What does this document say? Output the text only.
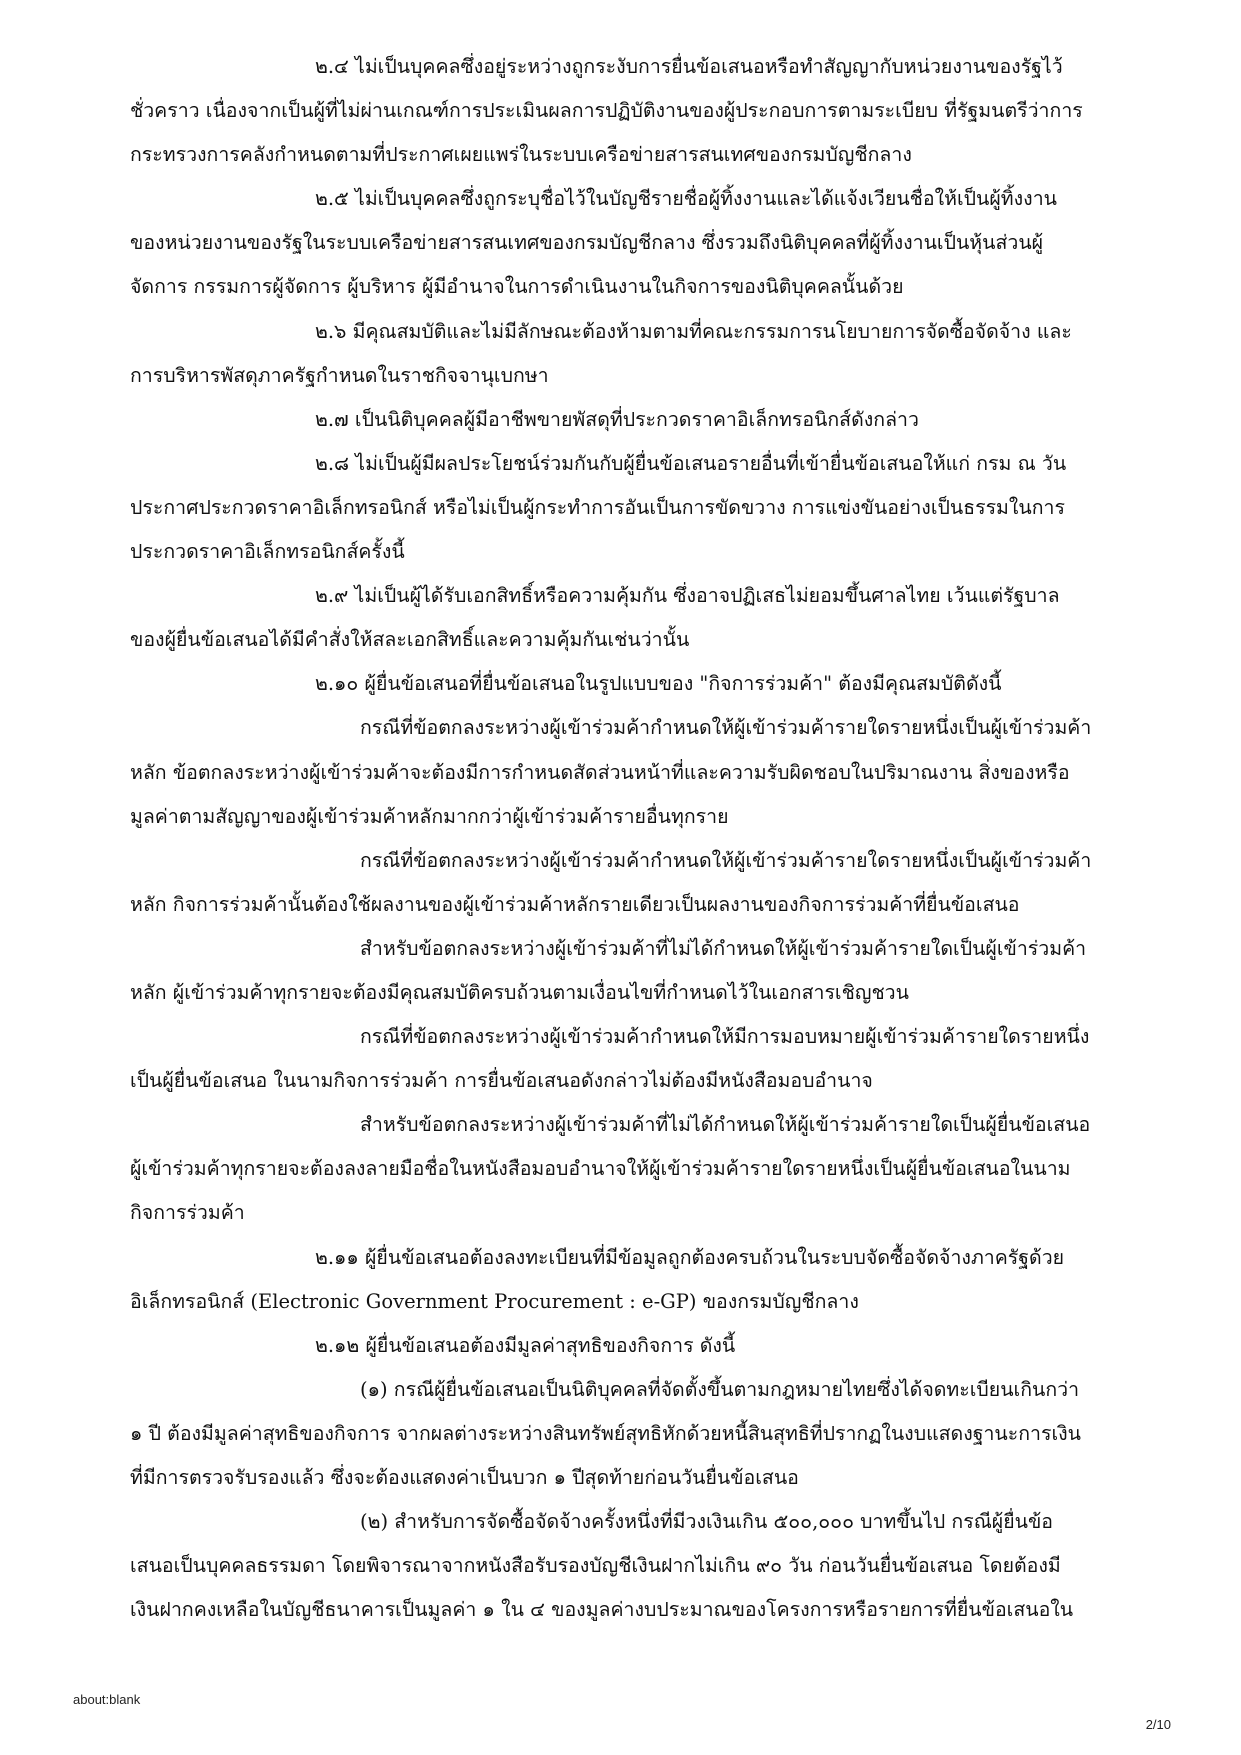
๒.๔ ไม่เป็นบุคคลซึ่งอยู่ระหว่างถูกระงับการยื่นข้อเสนอหรือทำสัญญากับหน่วยงานของรัฐไว้
ชั่วคราว เนื่องจากเป็นผู้ที่ไม่ผ่านเกณฑ์การประเมินผลการปฏิบัติงานของผู้ประกอบการตามระเบียบ ที่รัฐมนตรีว่าการ
กระทรวงการคลังกำหนดตามที่ประกาศเผยแพร่ในระบบเครือข่ายสารสนเทศของกรมบัญชีกลาง
๒.๕ ไม่เป็นบุคคลซึ่งถูกระบุชื่อไว้ในบัญชีรายชื่อผู้ทิ้งงานและได้แจ้งเวียนชื่อให้เป็นผู้ทิ้งงาน
ของหน่วยงานของรัฐในระบบเครือข่ายสารสนเทศของกรมบัญชีกลาง ซึ่งรวมถึงนิติบุคคลที่ผู้ทิ้งงานเป็นหุ้นส่วนผู้
จัดการ กรรมการผู้จัดการ ผู้บริหาร ผู้มีอำนาจในการดำเนินงานในกิจการของนิติบุคคลนั้นด้วย
๒.๖ มีคุณสมบัติและไม่มีลักษณะต้องห้ามตามที่คณะกรรมการนโยบายการจัดซื้อจัดจ้าง และ
การบริหารพัสดุภาครัฐกำหนดในราชกิจจานุเบกษา
๒.๗ เป็นนิติบุคคลผู้มีอาชีพขายพัสดุที่ประกวดราคาอิเล็กทรอนิกส์ดังกล่าว
๒.๘ ไม่เป็นผู้มีผลประโยชน์ร่วมกันกับผู้ยื่นข้อเสนอรายอื่นที่เข้ายื่นข้อเสนอให้แก่ กรม ณ วัน
ประกาศประกวดราคาอิเล็กทรอนิกส์ หรือไม่เป็นผู้กระทำการอันเป็นการขัดขวาง การแข่งขันอย่างเป็นธรรมในการ
ประกวดราคาอิเล็กทรอนิกส์ครั้งนี้
๒.๙ ไม่เป็นผู้ได้รับเอกสิทธิ์หรือความคุ้มกัน ซึ่งอาจปฏิเสธไม่ยอมขึ้นศาลไทย เว้นแต่รัฐบาล
ของผู้ยื่นข้อเสนอได้มีคำสั่งให้สละเอกสิทธิ์และความคุ้มกันเช่นว่านั้น
๒.๑๐ ผู้ยื่นข้อเสนอที่ยื่นข้อเสนอในรูปแบบของ "กิจการร่วมค้า" ต้องมีคุณสมบัติดังนี้
กรณีที่ข้อตกลงระหว่างผู้เข้าร่วมค้ากำหนดให้ผู้เข้าร่วมค้ารายใดรายหนึ่งเป็นผู้เข้าร่วมค้า
หลัก ข้อตกลงระหว่างผู้เข้าร่วมค้าจะต้องมีการกำหนดสัดส่วนหน้าที่และความรับผิดชอบในปริมาณงาน สิ่งของหรือ
มูลค่าตามสัญญาของผู้เข้าร่วมค้าหลักมากกว่าผู้เข้าร่วมค้ารายอื่นทุกราย
กรณีที่ข้อตกลงระหว่างผู้เข้าร่วมค้ากำหนดให้ผู้เข้าร่วมค้ารายใดรายหนึ่งเป็นผู้เข้าร่วมค้า
หลัก กิจการร่วมค้านั้นต้องใช้ผลงานของผู้เข้าร่วมค้าหลักรายเดียวเป็นผลงานของกิจการร่วมค้าที่ยื่นข้อเสนอ
สำหรับข้อตกลงระหว่างผู้เข้าร่วมค้าที่ไม่ได้กำหนดให้ผู้เข้าร่วมค้ารายใดเป็นผู้เข้าร่วมค้า
หลัก ผู้เข้าร่วมค้าทุกรายจะต้องมีคุณสมบัติครบถ้วนตามเงื่อนไขที่กำหนดไว้ในเอกสารเชิญชวน
กรณีที่ข้อตกลงระหว่างผู้เข้าร่วมค้ากำหนดให้มีการมอบหมายผู้เข้าร่วมค้ารายใดรายหนึ่ง
เป็นผู้ยื่นข้อเสนอ ในนามกิจการร่วมค้า การยื่นข้อเสนอดังกล่าวไม่ต้องมีหนังสือมอบอำนาจ
สำหรับข้อตกลงระหว่างผู้เข้าร่วมค้าที่ไม่ได้กำหนดให้ผู้เข้าร่วมค้ารายใดเป็นผู้ยื่นข้อเสนอ
ผู้เข้าร่วมค้าทุกรายจะต้องลงลายมือชื่อในหนังสือมอบอำนาจให้ผู้เข้าร่วมค้ารายใดรายหนึ่งเป็นผู้ยื่นข้อเสนอในนาม
กิจการร่วมค้า
๒.๑๑ ผู้ยื่นข้อเสนอต้องลงทะเบียนที่มีข้อมูลถูกต้องครบถ้วนในระบบจัดซื้อจัดจ้างภาครัฐด้วย
อิเล็กทรอนิกส์ (Electronic Government Procurement : e-GP) ของกรมบัญชีกลาง
๒.๑๒ ผู้ยื่นข้อเสนอต้องมีมูลค่าสุทธิของกิจการ ดังนี้
(๑) กรณีผู้ยื่นข้อเสนอเป็นนิติบุคคลที่จัดตั้งขึ้นตามกฎหมายไทยซึ่งได้จดทะเบียนเกินกว่า
๑ ปี ต้องมีมูลค่าสุทธิของกิจการ จากผลต่างระหว่างสินทรัพย์สุทธิหักด้วยหนี้สินสุทธิที่ปรากฏในงบแสดงฐานะการเงิน
ที่มีการตรวจรับรองแล้ว ซึ่งจะต้องแสดงค่าเป็นบวก ๑ ปีสุดท้ายก่อนวันยื่นข้อเสนอ
(๒) สำหรับการจัดซื้อจัดจ้างครั้งหนึ่งที่มีวงเงินเกิน ๕๐๐,๐๐๐ บาทขึ้นไป กรณีผู้ยื่นข้อ
เสนอเป็นบุคคลธรรมดา โดยพิจารณาจากหนังสือรับรองบัญชีเงินฝากไม่เกิน ๙๐ วัน ก่อนวันยื่นข้อเสนอ โดยต้องมี
เงินฝากคงเหลือในบัญชีธนาคารเป็นมูลค่า ๑ ใน ๔ ของมูลค่างบประมาณของโครงการหรือรายการที่ยื่นข้อเสนอใน
about:blank
2/10
